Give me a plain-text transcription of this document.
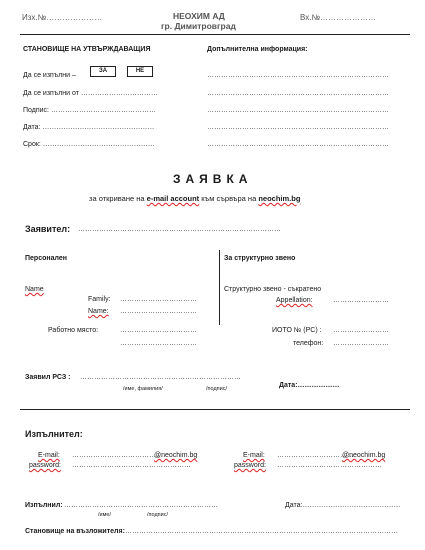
Изх.№…………………	НЕОХИМ АД
гр. Димитровград
Вх.№…………………
СТАНОВИЩЕ НА УТВЪРЖДАВАЩИЯ
Да се изпълни –
ЗА	НЕ
Да се изпълни от ……………………………
Подпис: ………………………………………
Дата: …………………………………………
Срок: …………………………………………
Допълнителна информация:
……………………………………………………………………
……………………………………………………………………
……………………………………………………………………
……………………………………………………………………
……………………………………………………………………
ЗАЯВКА
за откриване на e-mail account към сървъра на neochim.bg
Заявител: ……………………………………………………………………………
Персонален	За структурно звено
Name
Family: ……………………………
Name: ……………………………
Работно място:	……………………………
……………………………
Структурно звено - съкратено
Appellation:	……………………
ИОТО № (PC) : ……………………
телефон: ……………………
Заявил РСЗ : ……………………………………………………………
/име, фамилия/	/подпис/	Дата:………………
Изпълнител:
E-mail: …………………………………
@neochim.bg
password: ……………………………………………
E-mail: ……………………………
@neochim.bg
password: ………………………………………
Изпълнил: …………………………………………………………
/име/	/подпис/
Дата:……………………………………
Становище на възложителя: ………………………………………………………………………………………………………
